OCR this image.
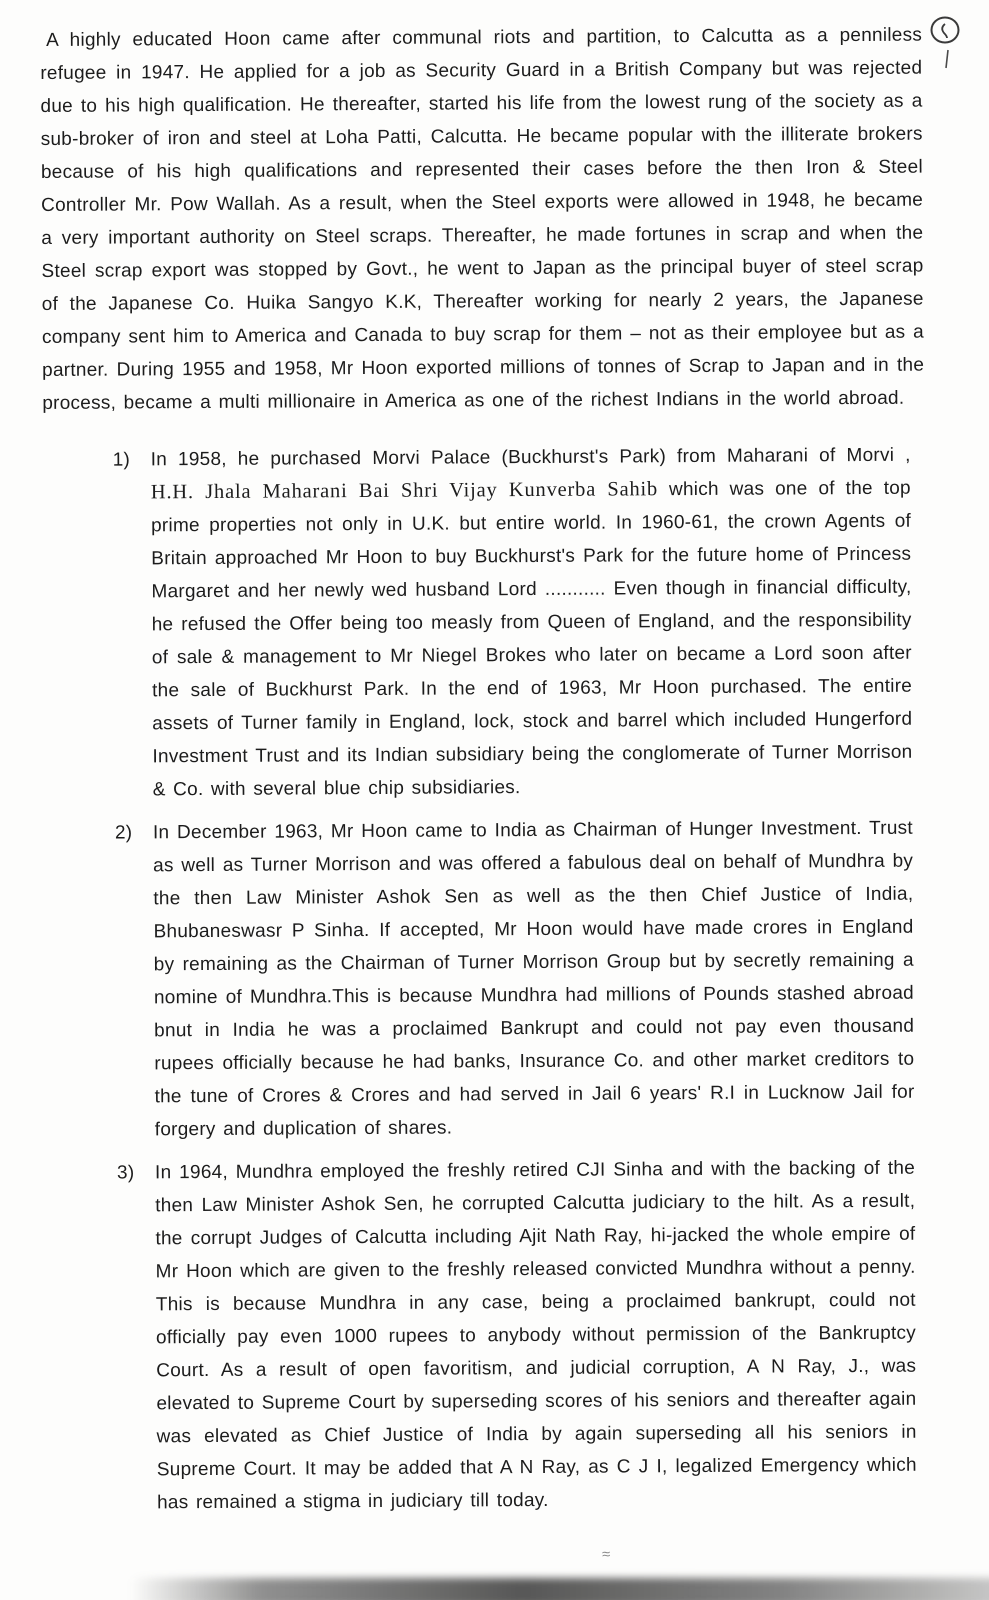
A highly educated Hoon came after communal riots and partition, to Calcutta as a penniless refugee in 1947. He applied for a job as Security Guard in a British Company but was rejected due to his high qualification. He thereafter, started his life from the lowest rung of the society as a sub-broker of iron and steel at Loha Patti, Calcutta. He became popular with the illiterate brokers because of his high qualifications and represented their cases before the then Iron & Steel Controller Mr. Pow Wallah. As a result, when the Steel exports were allowed in 1948, he became a very important authority on Steel scraps. Thereafter, he made fortunes in scrap and when the Steel scrap export was stopped by Govt., he went to Japan as the principal buyer of steel scrap of the Japanese Co. Huika Sangyo K.K, Thereafter working for nearly 2 years, the Japanese company sent him to America and Canada to buy scrap for them – not as their employee but as a partner. During 1955 and 1958, Mr Hoon exported millions of tonnes of Scrap to Japan and in the process, became a multi millionaire in America as one of the richest Indians in the world abroad.

1)	In 1958, he purchased Morvi Palace (Buckhurst's Park) from Maharani of Morvi , H.H. Jhala Maharani Bai Shri Vijay Kunverba Sahib which was one of the top prime properties not only in U.K. but entire world. In 1960-61, the crown Agents of Britain approached Mr Hoon to buy Buckhurst's Park for the future home of Princess Margaret and her newly wed husband Lord ........... Even though in financial difficulty, he refused the Offer being too measly from Queen of England, and the responsibility of sale & management to Mr Niegel Brokes who later on became a Lord soon after the sale of Buckhurst Park. In the end of 1963, Mr Hoon purchased. The entire assets of Turner family in England, lock, stock and barrel which included Hungerford Investment Trust and its Indian subsidiary being the conglomerate of Turner Morrison & Co. with several blue chip subsidiaries.
2)	In December 1963, Mr Hoon came to India as Chairman of Hunger Investment. Trust as well as Turner Morrison and was offered a fabulous deal on behalf of Mundhra by the then Law Minister Ashok Sen as well as the then Chief Justice of India, Bhubaneswasr P Sinha. If accepted, Mr Hoon would have made crores in England by remaining as the Chairman of Turner Morrison Group but by secretly remaining a nomine of Mundhra.This is because Mundhra had millions of Pounds stashed abroad bnut in India he was a proclaimed Bankrupt and could not pay even thousand rupees officially because he had banks, Insurance Co. and other market creditors to the tune of Crores & Crores and had served in Jail 6 years' R.I in Lucknow Jail for forgery and duplication of shares.
3)	In 1964, Mundhra employed the freshly retired CJI Sinha and with the backing of the then Law Minister Ashok Sen, he corrupted Calcutta judiciary to the hilt. As a result, the corrupt Judges of Calcutta including Ajit Nath Ray, hi-jacked the whole empire of Mr Hoon which are given to the freshly released convicted Mundhra without a penny. This is because Mundhra in any case, being a proclaimed bankrupt, could not officially pay even 1000 rupees to anybody without permission of the Bankruptcy Court. As a result of open favoritism, and judicial corruption, A N Ray, J., was elevated to Supreme Court by superseding scores of his seniors and thereafter again was elevated as Chief Justice of India by again superseding all his seniors in Supreme Court. It may be added that A N Ray, as C J I, legalized Emergency which has remained a stigma in judiciary till today.
≈
